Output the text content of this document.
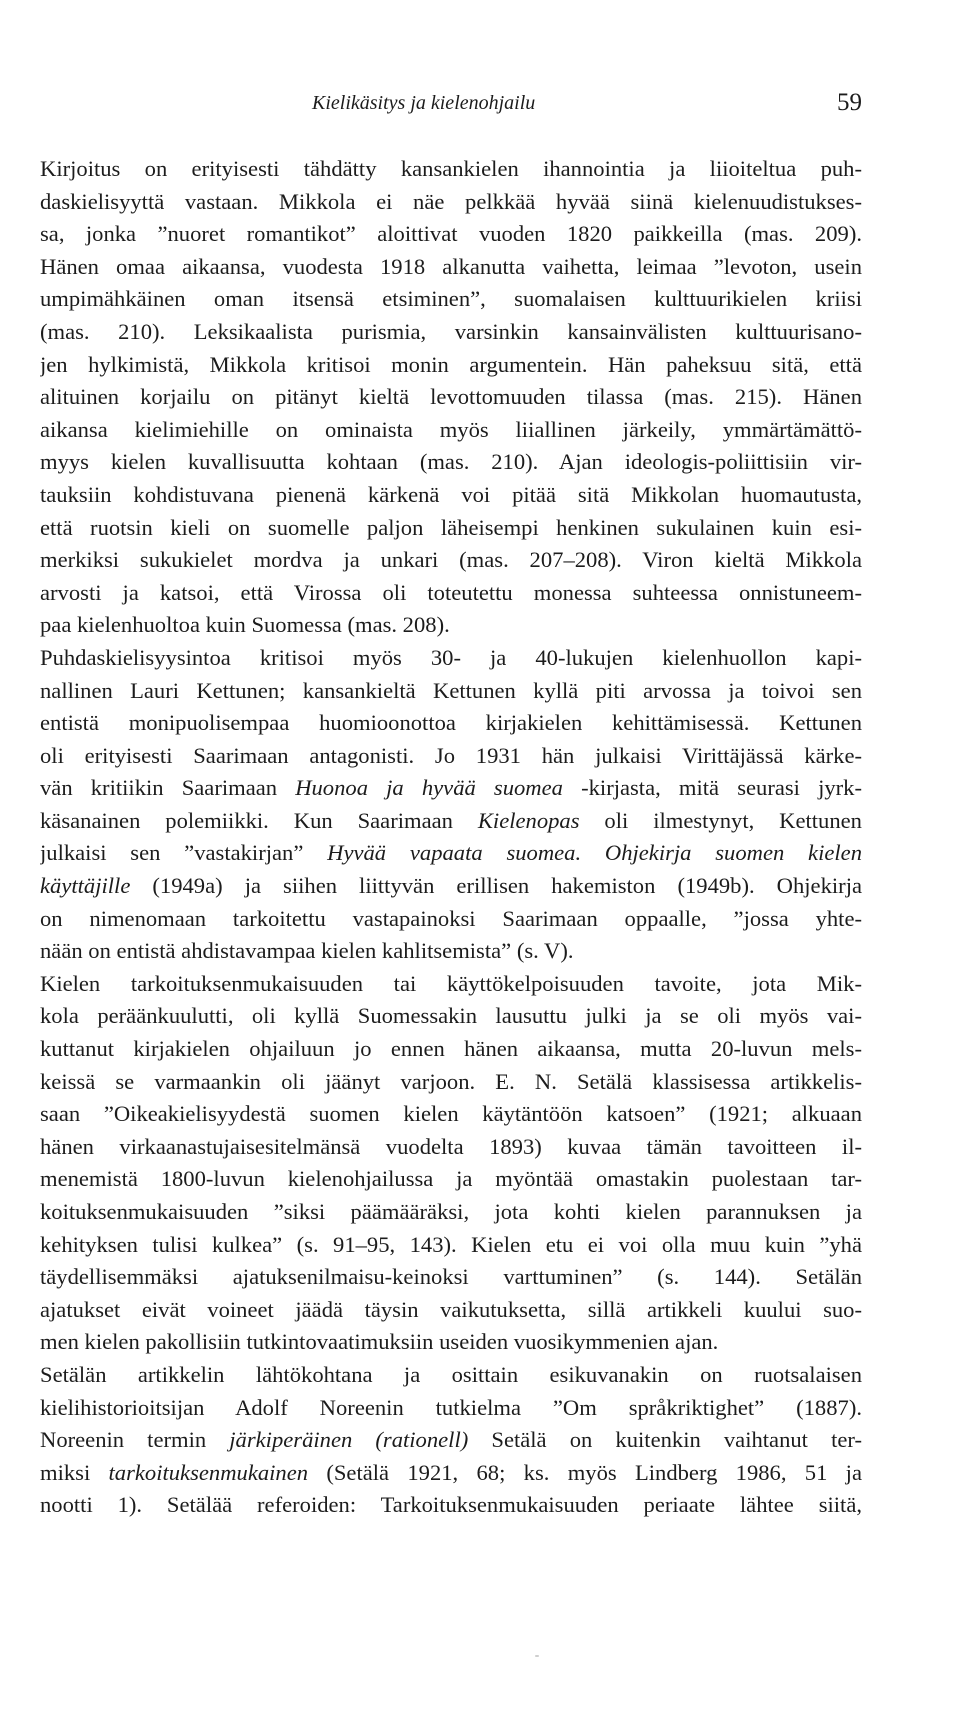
Kielikäsitys ja kielenohjailu	59
Kirjoitus on erityisesti tähdätty kansankielen ihannointia ja liioiteltua puh-
daskielisyyttä vastaan. Mikkola ei näe pelkkää hyvää siinä kielenuudistukses-
sa, jonka ”nuoret romantikot” aloittivat vuoden 1820 paikkeilla (mas. 209).
Hänen omaa aikaansa, vuodesta 1918 alkanutta vaihetta, leimaa ”levoton, usein
umpimähkäinen oman itsensä etsiminen”, suomalaisen kulttuurikielen kriisi
(mas. 210). Leksikaalista purismia, varsinkin kansainvälisten kulttuurisano-
jen hylkimistä, Mikkola kritisoi monin argumentein. Hän paheksuu sitä, että
alituinen korjailu on pitänyt kieltä levottomuuden tilassa (mas. 215). Hänen
aikansa kielimiehille on ominaista myös liiallinen järkeily, ymmärtämättö-
myys kielen kuvallisuutta kohtaan (mas. 210). Ajan ideologis-poliittisiin vir-
tauksiin kohdistuvana pienenä kärkenä voi pitää sitä Mikkolan huomautusta,
että ruotsin kieli on suomelle paljon läheisempi henkinen sukulainen kuin esi-
merkiksi sukukielet mordva ja unkari (mas. 207–208). Viron kieltä Mikkola
arvosti ja katsoi, että Virossa oli toteutettu monessa suhteessa onnistuneem-
paa kielenhuoltoa kuin Suomessa (mas. 208).
Puhdaskielisyysintoa kritisoi myös 30- ja 40-lukujen kielenhuollon kapi-
nallinen Lauri Kettunen; kansankieltä Kettunen kyllä piti arvossa ja toivoi sen
entistä monipuolisempaa huomioonottoa kirjakielen kehittämisessä. Kettunen
oli erityisesti Saarimaan antagonisti. Jo 1931 hän julkaisi Virittäjässä kärke-
vän kritiikin Saarimaan Huonoa ja hyvää suomea -kirjasta, mitä seurasi jyrk-
käsanainen polemiikki. Kun Saarimaan Kielenopas oli ilmestynyt, Kettunen
julkaisi sen ”vastakirjan” Hyvää vapaata suomea. Ohjekirja suomen kielen
käyttäjille (1949a) ja siihen liittyvän erillisen hakemiston (1949b). Ohjekirja
on nimenomaan tarkoitettu vastapainoksi Saarimaan oppaalle, ”jossa yhte-
nään on entistä ahdistavampaa kielen kahlitsemista” (s. V).
Kielen tarkoituksenmukaisuuden tai käyttökelpoisuuden tavoite, jota Mik-
kola peräänkuulutti, oli kyllä Suomessakin lausuttu julki ja se oli myös vai-
kuttanut kirjakielen ohjailuun jo ennen hänen aikaansa, mutta 20-luvun mels-
keissä se varmaankin oli jäänyt varjoon. E. N. Setälä klassisessa artikkelis-
saan ”Oikeakielisyydestä suomen kielen käytäntöön katsoen” (1921; alkuaan
hänen virkaanastujaisesitelmänsä vuodelta 1893) kuvaa tämän tavoitteen il-
menemistä 1800-luvun kielenohjailussa ja myöntää omastakin puolestaan tar-
koituksenmukaisuuden ”siksi päämääräksi, jota kohti kielen parannuksen ja
kehityksen tulisi kulkea” (s. 91–95, 143). Kielen etu ei voi olla muu kuin ”yhä
täydellisemmäksi ajatuksenilmaisu-keinoksi varttuminen” (s. 144). Setälän
ajatukset eivät voineet jäädä täysin vaikutuksetta, sillä artikkeli kuului suo-
men kielen pakollisiin tutkintovaatimuksiin useiden vuosikymmenien ajan.
Setälän artikkelin lähtökohtana ja osittain esikuvanakin on ruotsalaisen
kielihistorioitsijan Adolf Noreenin tutkielma ”Om språkriktighet” (1887).
Noreenin termin järkiperäinen (rationell) Setälä on kuitenkin vaihtanut ter-
miksi tarkoituksenmukainen (Setälä 1921, 68; ks. myös Lindberg 1986, 51 ja
nootti 1). Setälää referoiden: Tarkoituksenmukaisuuden periaate lähtee siitä,
